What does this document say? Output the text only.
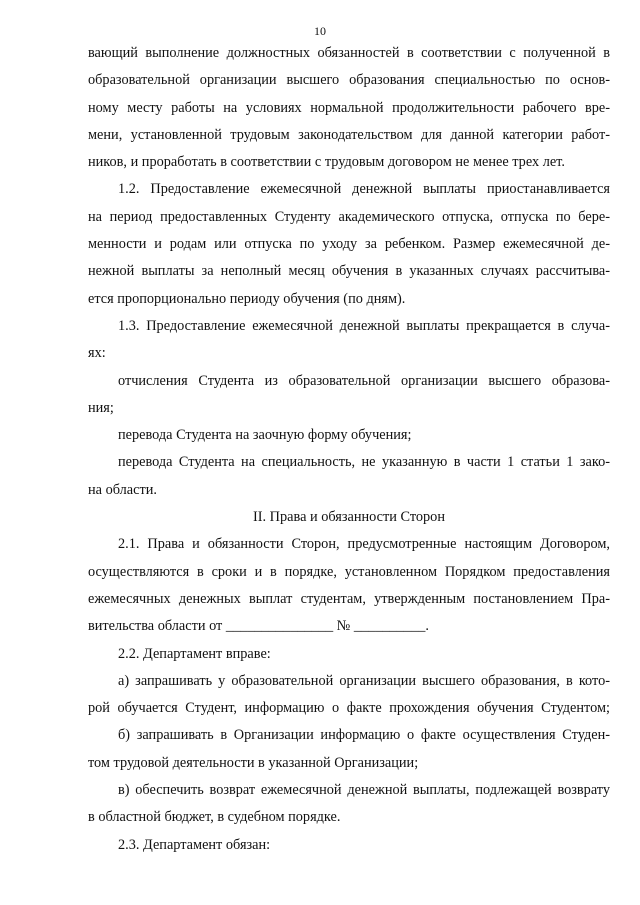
10
вающий выполнение должностных обязанностей в соответствии с полученной в
образовательной организации высшего образования специальностью по основ-
ному месту работы на условиях нормальной продолжительности рабочего вре-
мени, установленной трудовым законодательством для данной категории работ-
ников, и проработать в соответствии с трудовым договором не менее трех лет.
1.2. Предоставление ежемесячной денежной выплаты приостанавливается
на период предоставленных Студенту академического отпуска, отпуска по бере-
менности и родам или отпуска по уходу за ребенком. Размер ежемесячной де-
нежной выплаты за неполный месяц обучения в указанных случаях рассчитыва-
ется пропорционально периоду обучения (по дням).
1.3. Предоставление ежемесячной денежной выплаты прекращается в случа-
ях:
отчисления Студента из образовательной организации высшего образова-
ния;
перевода Студента на заочную форму обучения;
перевода Студента на специальность, не указанную в части 1 статьи 1 зако-
на области.
II. Права и обязанности Сторон
2.1. Права и обязанности Сторон, предусмотренные настоящим Договором,
осуществляются в сроки и в порядке, установленном Порядком предоставления
ежемесячных денежных выплат студентам, утвержденным постановлением Пра-
вительства области от _______________ № __________.
2.2. Департамент вправе:
а) запрашивать у образовательной организации высшего образования, в кото-
рой обучается Студент, информацию о факте прохождения обучения Студентом;
б) запрашивать в Организации информацию о факте осуществления Студен-
том трудовой деятельности в указанной Организации;
в) обеспечить возврат ежемесячной денежной выплаты, подлежащей возврату
в областной бюджет, в судебном порядке.
2.3. Департамент обязан:
